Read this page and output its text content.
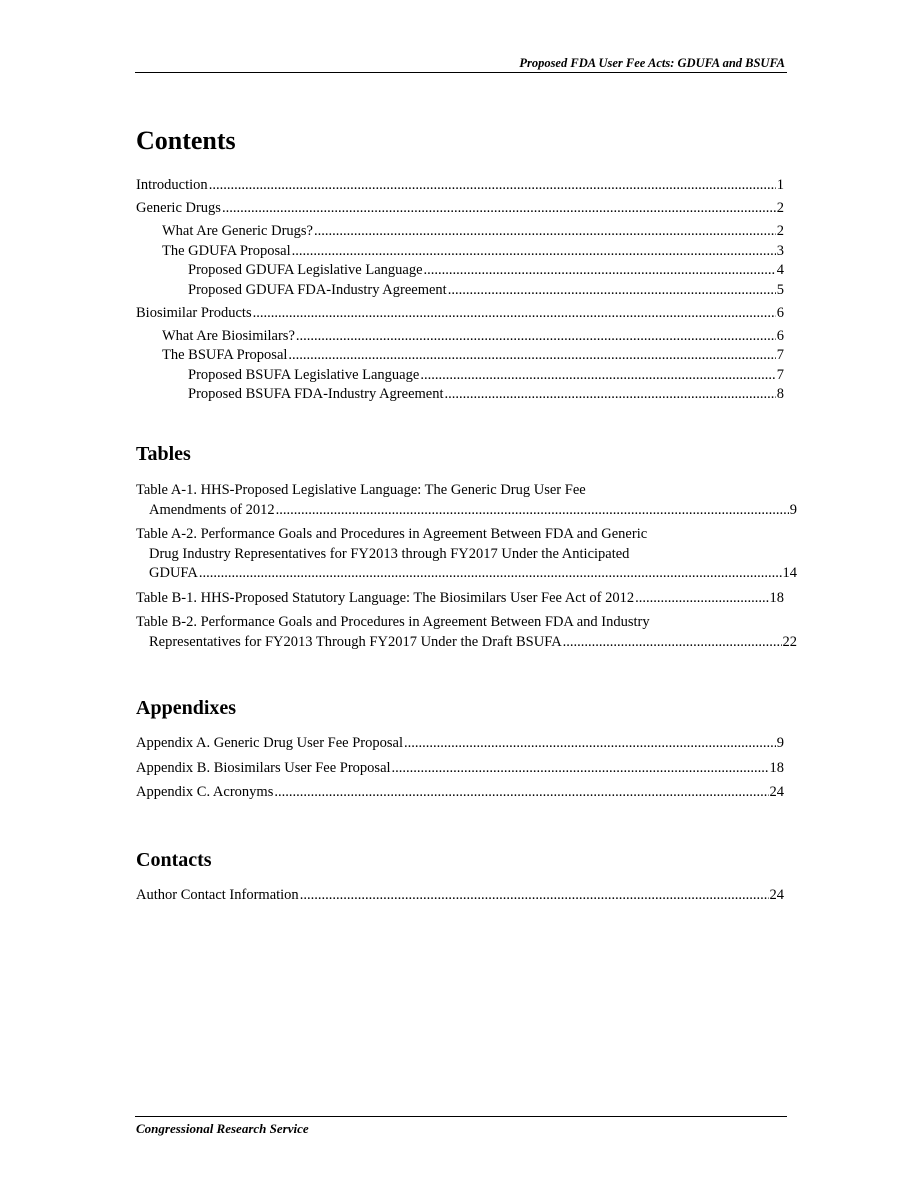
Proposed FDA User Fee Acts: GDUFA and BSUFA
Contents
Introduction .....	1
Generic Drugs .....	2
What Are Generic Drugs? .....	2
The GDUFA Proposal .....	3
Proposed GDUFA Legislative Language .....	4
Proposed GDUFA FDA-Industry Agreement .....	5
Biosimilar Products .....	6
What Are Biosimilars? .....	6
The BSUFA Proposal .....	7
Proposed BSUFA Legislative Language .....	7
Proposed BSUFA FDA-Industry Agreement .....	8
Tables
Table A-1. HHS-Proposed Legislative Language: The Generic Drug User Fee
Amendments of 2012 .....	9
Table A-2. Performance Goals and Procedures in Agreement Between FDA and Generic
Drug Industry Representatives for FY2013 through FY2017 Under the Anticipated
GDUFA .....	14
Table B-1. HHS-Proposed Statutory Language: The Biosimilars User Fee Act of 2012 .....	18
Table B-2. Performance Goals and Procedures in Agreement Between FDA and Industry
Representatives for FY2013 Through FY2017 Under the Draft BSUFA .....	22
Appendixes
Appendix A. Generic Drug User Fee Proposal .....	9
Appendix B. Biosimilars User Fee Proposal .....	18
Appendix C. Acronyms .....	24
Contacts
Author Contact Information .....	24
Congressional Research Service
